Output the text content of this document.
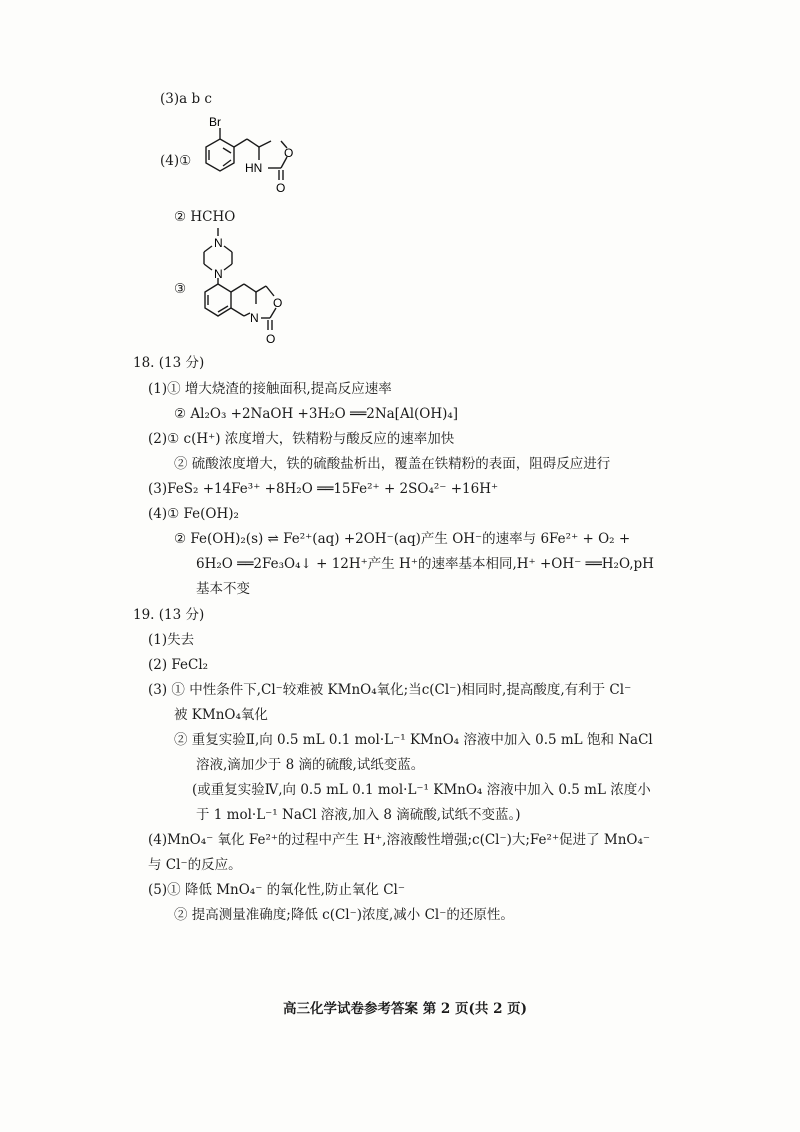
(3)a b c
(4)①
Br
HN
O
O
② HCHO
③
N
N
N
O
O
18. (13 分)
(1)① 增大烧渣的接触面积,提高反应速率
② Al₂O₃ +2NaOH +3H₂O ══2Na[Al(OH)₄]
(2)① c(H⁺) 浓度增大，铁精粉与酸反应的速率加快
② 硫酸浓度增大，铁的硫酸盐析出，覆盖在铁精粉的表面，阻碍反应进行
(3)FeS₂ +14Fe³⁺ +8H₂O ══15Fe²⁺ + 2SO₄²⁻ +16H⁺
(4)① Fe(OH)₂
② Fe(OH)₂(s) ⇌ Fe²⁺(aq) +2OH⁻(aq)产生 OH⁻的速率与 6Fe²⁺ + O₂ +
6H₂O ══2Fe₃O₄↓ + 12H⁺产生 H⁺的速率基本相同,H⁺ +OH⁻ ══H₂O,pH
基本不变
19. (13 分)
(1)失去
(2) FeCl₂
(3) ① 中性条件下,Cl⁻较难被 KMnO₄氧化;当c(Cl⁻)相同时,提高酸度,有利于 Cl⁻
被 KMnO₄氧化
② 重复实验Ⅱ,向 0.5 mL 0.1 mol·L⁻¹ KMnO₄ 溶液中加入 0.5 mL 饱和 NaCl
溶液,滴加少于 8 滴的硫酸,试纸变蓝。
(或重复实验Ⅳ,向 0.5 mL 0.1 mol·L⁻¹ KMnO₄ 溶液中加入 0.5 mL 浓度小
于 1 mol·L⁻¹ NaCl 溶液,加入 8 滴硫酸,试纸不变蓝。)
(4)MnO₄⁻ 氧化 Fe²⁺的过程中产生 H⁺,溶液酸性增强;c(Cl⁻)大;Fe²⁺促进了 MnO₄⁻
与 Cl⁻的反应。
(5)① 降低 MnO₄⁻ 的氧化性,防止氧化 Cl⁻
② 提高测量准确度;降低 c(Cl⁻)浓度,减小 Cl⁻的还原性。
高三化学试卷参考答案 第 2 页(共 2 页)
